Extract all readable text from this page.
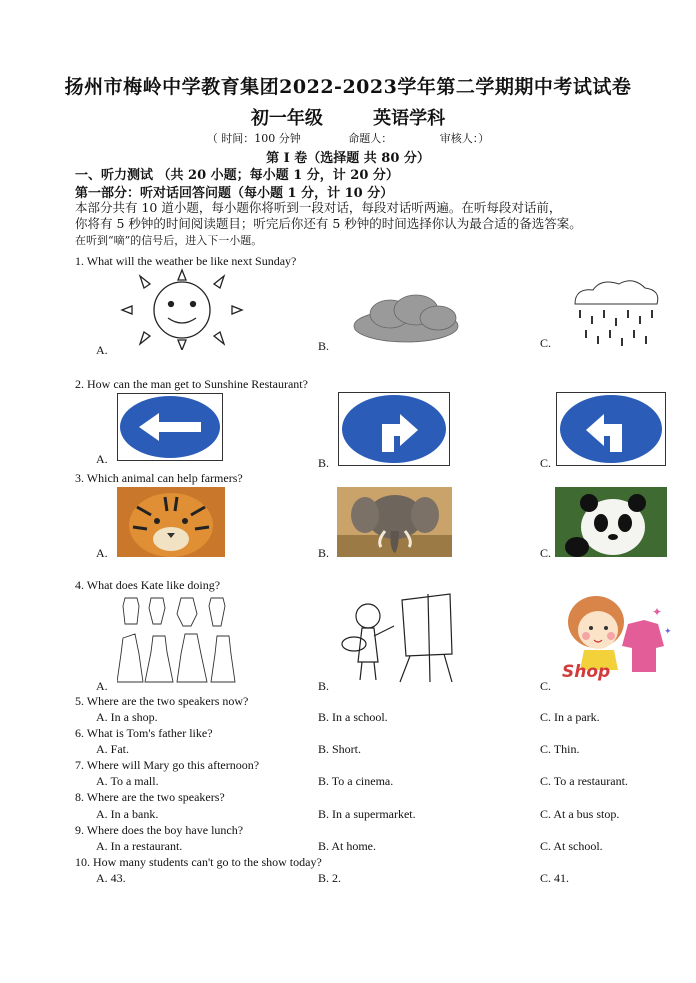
扬州市梅岭中学教育集团2022-2023学年第二学期期中考试试卷
初一年级	英语学科
（ 时间：100 分钟	命题人：	审核人：）
第 I 卷（选择题 共 80 分）
一、听力测试 （共 20 小题；每小题 1 分，计 20 分）
第一部分：听对话回答问题（每小题 1 分，计 10 分）
本部分共有 10 道小题，每小题你将听到一段对话，每段对话听两遍。在听每段对话前，
你将有 5 秒钟的时间阅读题目；听完后你还有 5 秒钟的时间选择你认为最合适的备选答案。
在听到“嘀”的信号后，进入下一小题。
1. What will the weather be like next Sunday?
A.	B.	C.
2. How can the man get to Sunshine Restaurant?
A.	B.	C.
3. Which animal can help farmers?
A.	B.	C.
4. What does Kate like doing?
A.	B.
✦
✦
Shop
C.
5. Where are the two speakers now?
A. In a shop.	B. In a school.	C. In a park.
6. What is Tom's father like?
A. Fat.	B. Short.	C. Thin.
7. Where will Mary go this afternoon?
A. To a mall.	B. To a cinema.	C. To a restaurant.
8. Where are the two speakers?
A. In a bank.	B. In a supermarket.	C. At a bus stop.
9. Where does the boy have lunch?
A. In a restaurant.	B. At home.	C. At school.
10. How many students can't go to the show today?
A. 43.	B. 2.	C. 41.
